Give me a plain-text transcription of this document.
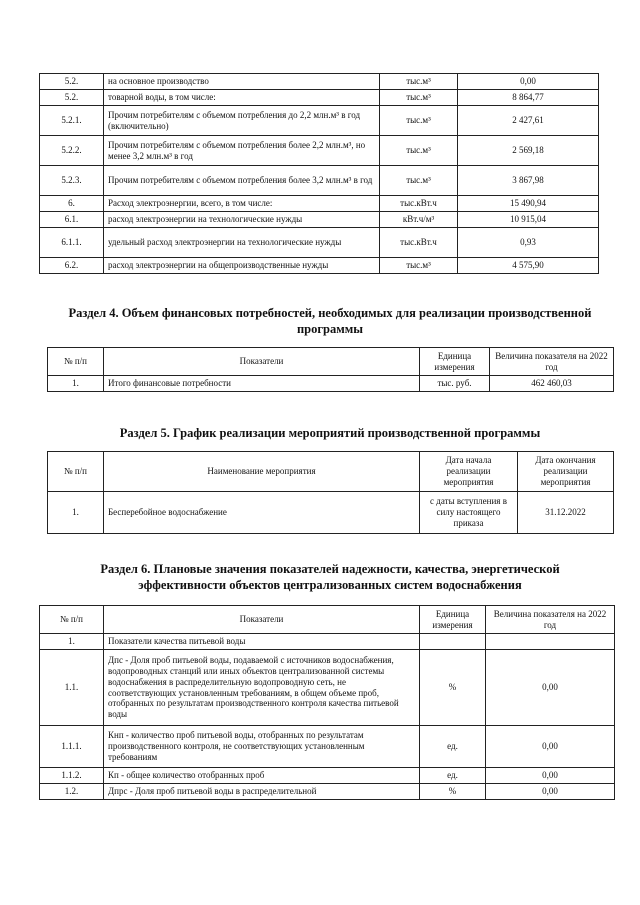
5.2.	на основное производство	тыс.м³	0,00
5.2.	товарной воды, в том числе:	тыс.м³	8 864,77
5.2.1.	Прочим потребителям с объемом потребления до 2,2 млн.м³ в год (включительно)	тыс.м³	2 427,61
5.2.2.	Прочим потребителям с объемом потребления более 2,2 млн.м³, но менее 3,2 млн.м³ в год	тыс.м³	2 569,18
5.2.3.	Прочим потребителям с объемом потребления более 3,2 млн.м³ в год	тыс.м³	3 867,98
6.	Расход электроэнергии, всего, в том числе:	тыс.кВт.ч	15 490,94
6.1.	расход электроэнергии на технологические нужды	кВт.ч/м³	10 915,04
6.1.1.	удельный расход электроэнергии на технологические нужды	тыс.кВт.ч	0,93
6.2.	расход электроэнергии на общепроизводственные нужды	тыс.м³	4 575,90
Раздел 4. Объем финансовых потребностей, необходимых для реализации производственной программы
№ п/п	Показатели	Единица измерения	Величина показателя на 2022 год
1.	Итого финансовые потребности	тыс. руб.	462 460,03
Раздел 5. График реализации мероприятий производственной программы
№ п/п	Наименование мероприятия	Дата начала реализации мероприятия	Дата окончания реализации мероприятия
1.	Бесперебойное водоснабжение	с даты вступления в силу настоящего приказа	31.12.2022
Раздел 6. Плановые значения показателей надежности, качества, энергетической эффективности объектов централизованных систем водоснабжения
№ п/п	Показатели	Единица измерения	Величина показателя на 2022 год
1.	Показатели качества питьевой воды		
1.1.	Дпс - Доля проб питьевой воды, подаваемой с источников водоснабжения, водопроводных станций или иных объектов централизованной системы водоснабжения в распределительную водопроводную сеть, не соответствующих установленным требованиям, в общем объеме проб, отобранных по результатам производственного контроля качества питьевой воды	%	0,00
1.1.1.	Кнп - количество проб питьевой воды, отобранных по результатам производственного контроля, не соответствующих установленным требованиям	ед.	0,00
1.1.2.	Кп - общее количество отобранных проб	ед.	0,00
1.2.	Дпрс - Доля проб питьевой воды в распределительной	%	0,00
